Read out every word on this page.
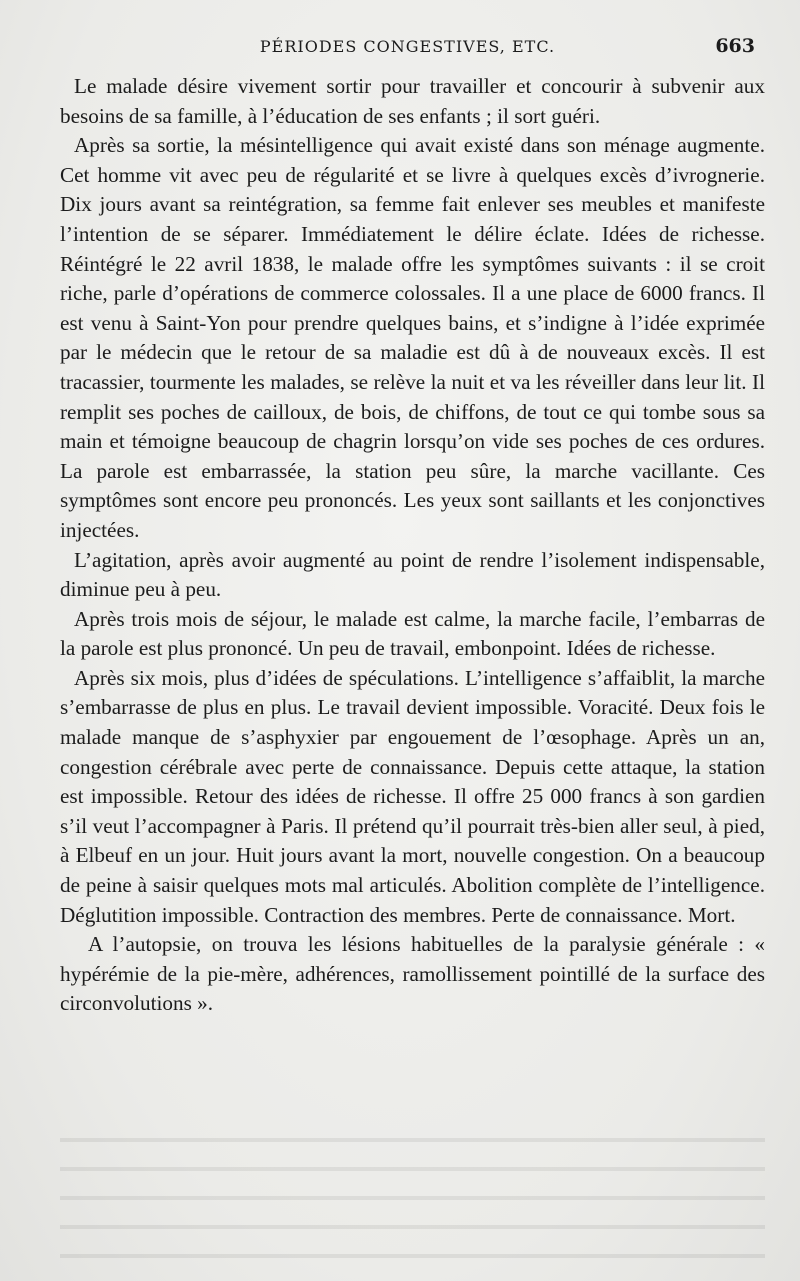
PÉRIODES CONGESTIVES, ETC.	663

Le malade désire vivement sortir pour travailler et concourir à subvenir aux besoins de sa famille, à l’éducation de ses enfants ; il sort guéri.

Après sa sortie, la mésintelligence qui avait existé dans son ménage augmente. Cet homme vit avec peu de régularité et se livre à quelques excès d’ivrognerie. Dix jours avant sa reintégration, sa femme fait enlever ses meubles et manifeste l’intention de se séparer. Immédiatement le délire éclate. Idées de richesse. Réintégré le 22 avril 1838, le malade offre les symptômes suivants : il se croit riche, parle d’opérations de commerce colossales. Il a une place de 6000 francs. Il est venu à Saint-Yon pour prendre quelques bains, et s’indigne à l’idée exprimée par le médecin que le retour de sa maladie est dû à de nouveaux excès. Il est tracassier, tourmente les malades, se relève la nuit et va les réveiller dans leur lit. Il remplit ses poches de cailloux, de bois, de chiffons, de tout ce qui tombe sous sa main et témoigne beaucoup de chagrin lorsqu’on vide ses poches de ces ordures. La parole est embarrassée, la station peu sûre, la marche vacillante. Ces symptômes sont encore peu prononcés. Les yeux sont saillants et les conjonctives injectées.

L’agitation, après avoir augmenté au point de rendre l’isolement indispensable, diminue peu à peu.

Après trois mois de séjour, le malade est calme, la marche facile, l’embarras de la parole est plus prononcé. Un peu de travail, embonpoint. Idées de richesse.

Après six mois, plus d’idées de spéculations. L’intelligence s’affaiblit, la marche s’embarrasse de plus en plus. Le travail devient impossible. Voracité. Deux fois le malade manque de s’asphyxier par engouement de l’œsophage. Après un an, congestion cérébrale avec perte de connaissance. Depuis cette attaque, la station est impossible. Retour des idées de richesse. Il offre 25 000 francs à son gardien s’il veut l’accompagner à Paris. Il prétend qu’il pourrait très-bien aller seul, à pied, à Elbeuf en un jour. Huit jours avant la mort, nouvelle congestion. On a beaucoup de peine à saisir quelques mots mal articulés. Abolition complète de l’intelligence. Déglutition impossible. Contraction des membres. Perte de connaissance. Mort.

A l’autopsie, on trouva les lésions habituelles de la paralysie générale : « hypérémie de la pie-mère, adhérences, ramollissement pointillé de la surface des circonvolutions ».
